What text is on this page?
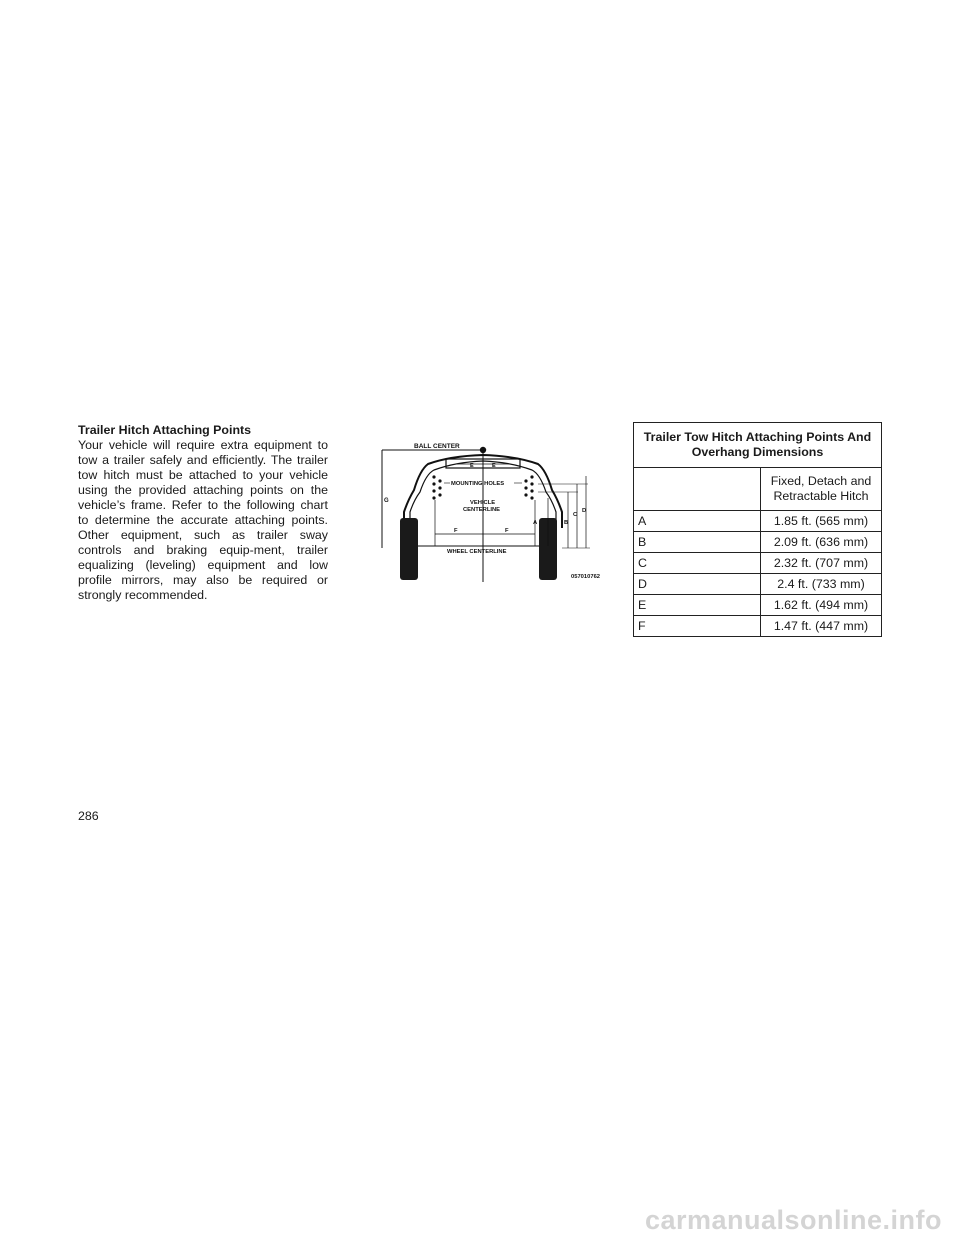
Trailer Hitch Attaching Points

Your vehicle will require extra equipment to tow a trailer safely and efficiently. The trailer tow hitch must be attached to your vehicle using the provided attaching points on the vehicle’s frame. Refer to the following chart to determine the accurate attaching points. Other equipment, such as trailer sway controls and braking equip-ment, trailer equalizing (leveling) equipment and low profile mirrors, may also be required or strongly recommended.

BALL CENTER
G
E	E
MOUNTING HOLES
VEHICLE
CENTERLINE
F	F
WHEEL CENTERLINE
A	B
C
D
057010762
Trailer Tow Hitch Attaching Points And Overhang Dimensions	
	Fixed, Detach and Retractable Hitch
A	1.85 ft. (565 mm)
B	2.09 ft. (636 mm)
C	2.32 ft. (707 mm)
D	2.4 ft. (733 mm)
E	1.62 ft. (494 mm)
F	1.47 ft. (447 mm)
286
carmanualsonline.info
